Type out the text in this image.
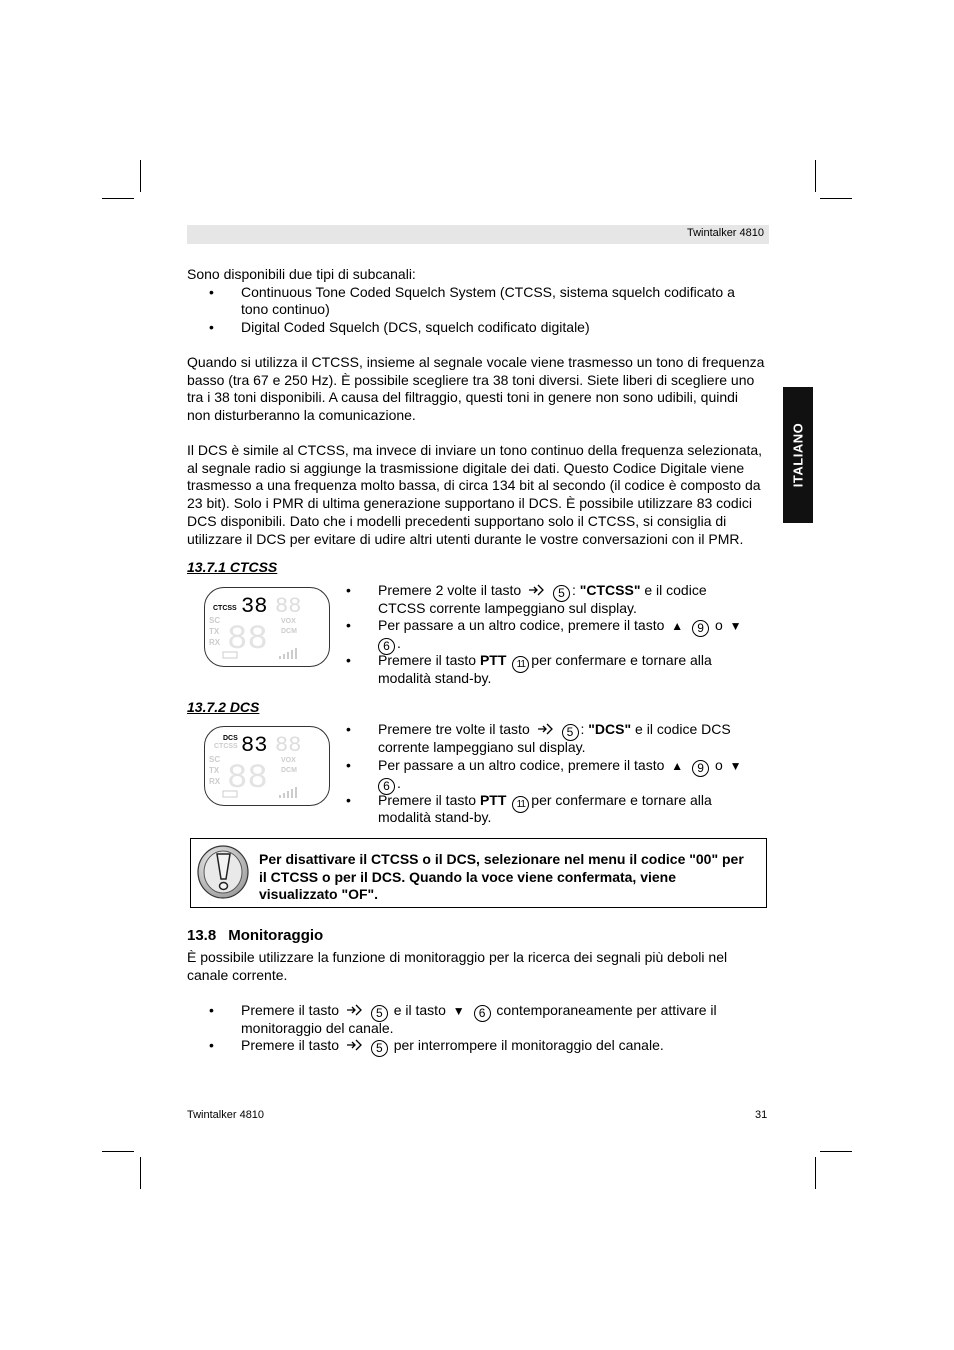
Twintalker 4810
ITALIANO
Sono disponibili due tipi di subcanali:
• Continuous Tone Coded Squelch System (CTCSS, sistema squelch codificato a
tono continuo)
• Digital Coded Squelch (DCS, squelch codificato digitale)
Quando si utilizza il CTCSS, insieme al segnale vocale viene trasmesso un tono di frequenza
basso (tra 67 e 250 Hz). È possibile scegliere tra 38 toni diversi. Siete liberi di scegliere uno
tra i 38 toni disponibili. A causa del filtraggio, questi toni in genere non sono udibili, quindi
non disturberanno la comunicazione.
Il DCS è simile al CTCSS, ma invece di inviare un tono continuo della frequenza selezionata,
al segnale radio si aggiunge la trasmissione digitale dei dati. Questo Codice Digitale viene
trasmesso a una frequenza molto bassa, di circa 134 bit al secondo (il codice è composto da
23 bit). Solo i PMR di ultima generazione supportano il DCS. È possibile utilizzare 83 codici
DCS disponibili. Dato che i modelli precedenti supportano solo il CTCSS, si consiglia di
utilizzare il DCS per evitare di udire altri utenti durante le vostre conversazioni con il PMR.
13.7.1 CTCSS
CTCSS 38 88
SC
TX
RX
VOX
DCM
88
• Premere 2 volte il tasto	5 : "CTCSS" e il codice
CTCSS corrente lampeggiano sul display.
• Per passare a un altro codice, premere il tasto ▲ 9 o ▼
6 .
• Premere il tasto PTT 11 per confermare e tornare alla
modalità stand-by.
13.7.2 DCS
DCS
CTCSS 83 88
SC
TX
RX
VOX
DCM
88
• Premere tre volte il tasto	5 : "DCS" e il codice DCS
corrente lampeggiano sul display.
• Per passare a un altro codice, premere il tasto ▲ 9 o ▼
6 .
• Premere il tasto PTT 11 per confermare e tornare alla
modalità stand-by.
Per disattivare il CTCSS o il DCS, selezionare nel menu il codice "00" per
il CTCSS o per il DCS. Quando la voce viene confermata, viene
visualizzato "OF".
13.8 Monitoraggio
È possibile utilizzare la funzione di monitoraggio per la ricerca dei segnali più deboli nel
canale corrente.
• Premere il tasto	5 e il tasto ▼ 6 contemporaneamente per attivare il
monitoraggio del canale.
• Premere il tasto	5 per interrompere il monitoraggio del canale.
Twintalker 4810	31
